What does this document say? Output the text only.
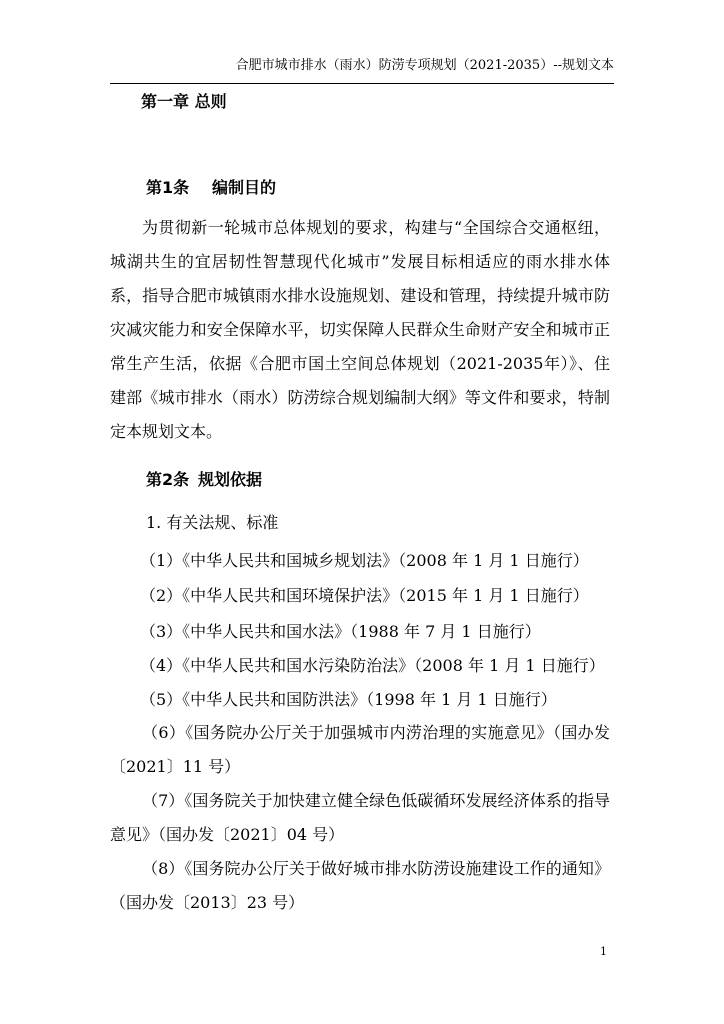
合肥市城市排水（雨水）防涝专项规划（2021-2035）--规划文本
第一章 总则
第1条 编制目的
为贯彻新一轮城市总体规划的要求，构建与“全国综合交通枢纽，城湖共生的宜居韧性智慧现代化城市”发展目标相适应的雨水排水体系，指导合肥市城镇雨水排水设施规划、建设和管理，持续提升城市防灾减灾能力和安全保障水平，切实保障人民群众生命财产安全和城市正常生产生活，依据《合肥市国土空间总体规划（2021-2035年）》、住建部《城市排水（雨水）防涝综合规划编制大纲》等文件和要求，特制定本规划文本。
第2条 规划依据
1. 有关法规、标准
（1）《中华人民共和国城乡规划法》（2008 年 1 月 1 日施行）
（2）《中华人民共和国环境保护法》（2015 年 1 月 1 日施行）
（3）《中华人民共和国水法》（1988 年 7 月 1 日施行）
（4）《中华人民共和国水污染防治法》（2008 年 1 月 1 日施行）
（5）《中华人民共和国防洪法》（1998 年 1 月 1 日施行）
（6）《国务院办公厅关于加强城市内涝治理的实施意见》（国办发〔2021〕11 号）
（7）《国务院关于加快建立健全绿色低碳循环发展经济体系的指导意见》（国办发〔2021〕04 号）
（8）《国务院办公厅关于做好城市排水防涝设施建设工作的通知》（国办发〔2013〕23 号）
1
